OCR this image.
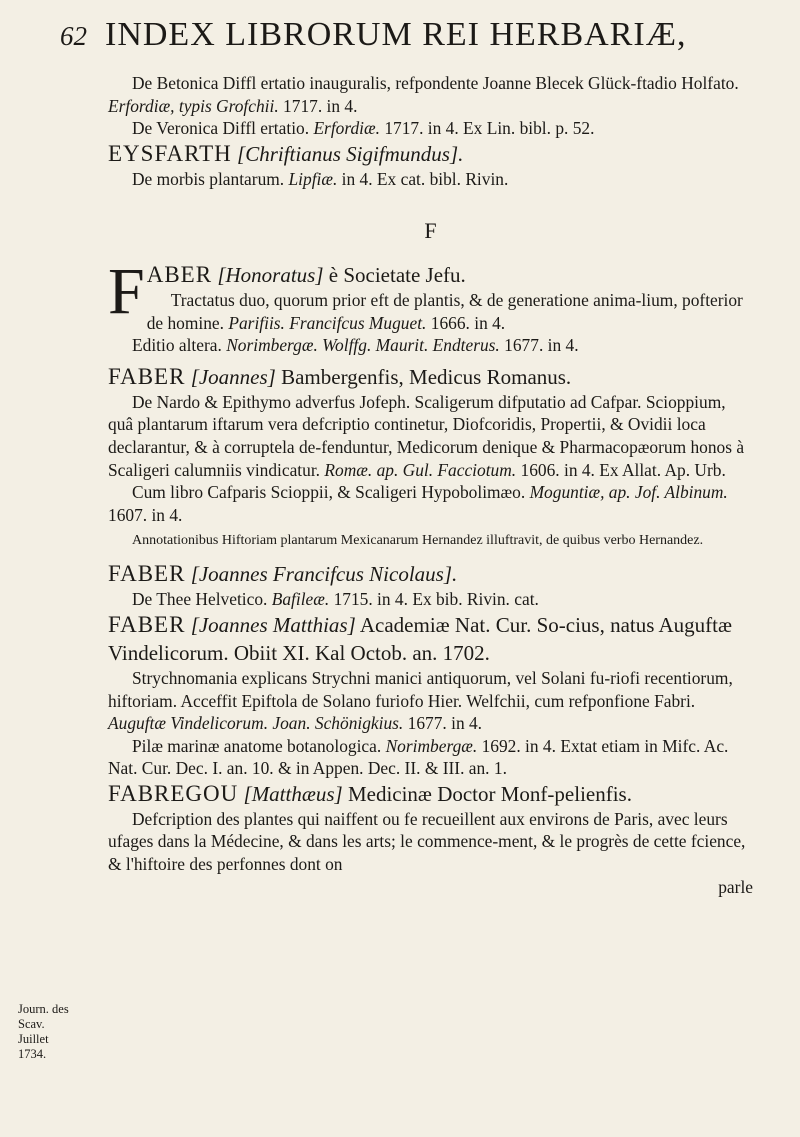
62 INDEX LIBRORUM REI HERBARIÆ,

De Betonica Diffl ertatio inauguralis, refpondente Joanne Blecek Glück-ftadio Holfato. Erfordiæ, typis Grofchii. 1717. in 4.

De Veronica Diffl ertatio. Erfordiæ. 1717. in 4. Ex Lin. bibl. p. 52.

EYSFARTH [Chriftianus Sigifmundus].

De morbis plantarum. Lipfiæ. in 4. Ex cat. bibl. Rivin.

F

F ABER [Honoratus] è Societate Jefu.

Tractatus duo, quorum prior eft de plantis, & de generatione anima-lium, pofterior de homine. Parifiis. Francifcus Muguet. 1666. in 4.

Editio altera. Norimbergæ. Wolffg. Maurit. Endterus. 1677. in 4.

FABER [Joannes] Bambergenfis, Medicus Romanus.

De Nardo & Epithymo adverfus Jofeph. Scaligerum difputatio ad Cafpar. Scioppium, quâ plantarum iftarum vera defcriptio continetur, Diofcoridis, Propertii, & Ovidii loca declarantur, & à corruptela de-fenduntur, Medicorum denique & Pharmacopæorum honos à Scaligeri calumniis vindicatur. Romæ. ap. Gul. Facciotum. 1606. in 4. Ex Allat. Ap. Urb.

Cum libro Cafparis Scioppii, & Scaligeri Hypobolimæo. Moguntiæ, ap. Jof. Albinum. 1607. in 4.

Annotationibus Hiftoriam plantarum Mexicanarum Hernandez illuftravit, de quibus verbo Hernandez.

FABER [Joannes Francifcus Nicolaus].

De Thee Helvetico. Bafileæ. 1715. in 4. Ex bib. Rivin. cat.

FABER [Joannes Matthias] Academiæ Nat. Cur. So-cius, natus Auguftæ Vindelicorum. Obiit XI. Kal Octob. an. 1702.

Strychnomania explicans Strychni manici antiquorum, vel Solani fu-riofi recentiorum, hiftoriam. Acceffit Epiftola de Solano furiofo Hier. Welfchii, cum refponfione Fabri. Auguftæ Vindelicorum. Joan. Schönigkius. 1677. in 4.

Pilæ marinæ anatome botanologica. Norimbergæ. 1692. in 4. Extat etiam in Mifc. Ac. Nat. Cur. Dec. I. an. 10. & in Appen. Dec. II. & III. an. 1.

FABREGOU [Matthæus] Medicinæ Doctor Monf-pelienfis.

Defcription des plantes qui naiffent ou fe recueillent aux environs de Paris, avec leurs ufages dans la Médecine, & dans les arts; le commence-ment, & le progrès de cette fcience, & l'hiftoire des perfonnes dont on

parle

Journ. des
Scav.
Juillet
1734.
